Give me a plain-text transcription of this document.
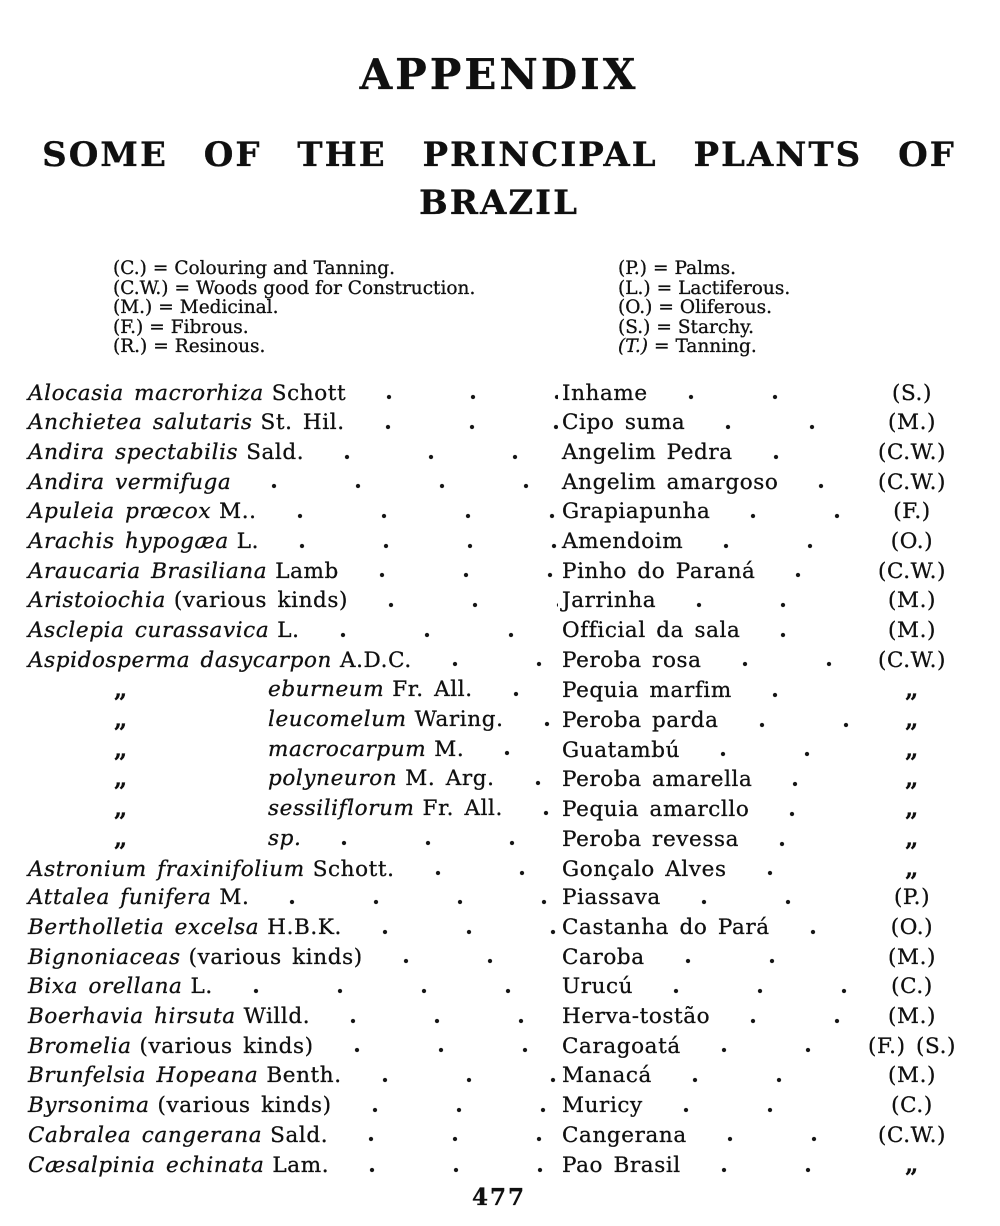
APPENDIX
SOME OF THE PRINCIPAL PLANTS OF
BRAZIL
(C.) = Colouring and Tanning.
(C.W.) = Woods good for Construction.
(M.) = Medicinal.
(F.) = Fibrous.
(R.) = Resinous.
(P.) = Palms.
(L.) = Lactiferous.
(O.) = Oliferous.
(S.) = Starchy.
(T.) = Tanning.
Alocasia macrorhiza Schott	Inhame	(S.)
Anchietea salutaris St. Hil.	Cipo suma	(M.)
Andira spectabilis Sald.	Angelim Pedra	(C.W.)
Andira vermifuga	Angelim amargoso	(C.W.)
Apuleia prœcox M..	Grapiapunha	(F.)
Arachis hypogæa L.	Amendoim	(O.)
Araucaria Brasiliana Lamb	Pinho do Paraná	(C.W.)
Aristoiochia (various kinds)	Jarrinha	(M.)
Asclepia curassavica L.	Official da sala	(M.)
Aspidosperma dasycarpon A.D.C.	Peroba rosa	(C.W.)
„	eburneum Fr. All.	Pequia marfim	„
„	leucomelum Waring.	Peroba parda	„
„	macrocarpum M.	Guatambú	„
„	polyneuron M. Arg.	Peroba amarella	„
„	sessiliflorum Fr. All.	Pequia amarcllo	„
„	sp.	Peroba revessa	„
Astronium fraxinifolium Schott.	Gonçalo Alves	„
Attalea funifera M.	Piassava	(P.)
Bertholletia excelsa H.B.K.	Castanha do Pará	(O.)
Bignoniaceas (various kinds)	Caroba	(M.)
Bixa orellana L.	Urucú	(C.)
Boerhavia hirsuta Willd.	Herva-tostão	(M.)
Bromelia (various kinds)	Caragoatá	(F.) (S.)
Brunfelsia Hopeana Benth.	Manacá	(M.)
Byrsonima (various kinds)	Muricy	(C.)
Cabralea cangerana Sald.	Cangerana	(C.W.)
Cæsalpinia echinata Lam.	Pao Brasil	„
477
